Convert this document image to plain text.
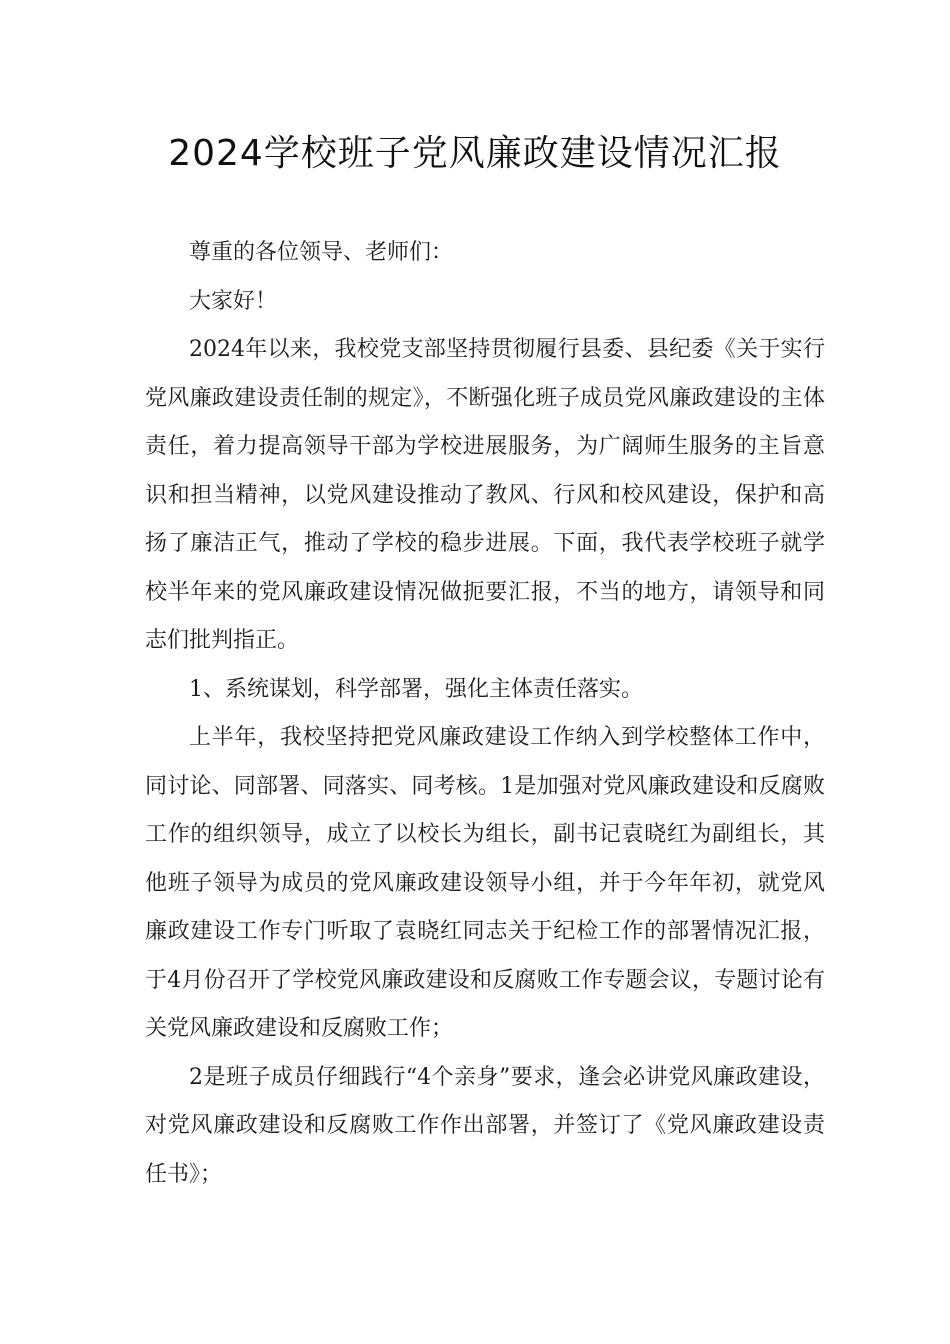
2024学校班子党风廉政建设情况汇报

尊重的各位领导、老师们：

大家好！

2024年以来，我校党支部坚持贯彻履行县委、县纪委《关于实行党风廉政建设责任制的规定》，不断强化班子成员党风廉政建设的主体责任，着力提高领导干部为学校进展服务，为广阔师生服务的主旨意识和担当精神，以党风建设推动了教风、行风和校风建设，保护和高扬了廉洁正气，推动了学校的稳步进展。下面，我代表学校班子就学校半年来的党风廉政建设情况做扼要汇报，不当的地方，请领导和同志们批判指正。

1、系统谋划，科学部署，强化主体责任落实。

上半年，我校坚持把党风廉政建设工作纳入到学校整体工作中，同讨论、同部署、同落实、同考核。1是加强对党风廉政建设和反腐败工作的组织领导，成立了以校长为组长，副书记袁晓红为副组长，其他班子领导为成员的党风廉政建设领导小组，并于今年年初，就党风廉政建设工作专门听取了袁晓红同志关于纪检工作的部署情况汇报，于4月份召开了学校党风廉政建设和反腐败工作专题会议，专题讨论有关党风廉政建设和反腐败工作；

2是班子成员仔细践行“4个亲身”要求，逢会必讲党风廉政建设，对党风廉政建设和反腐败工作作出部署，并签订了《党风廉政建设责任书》；
